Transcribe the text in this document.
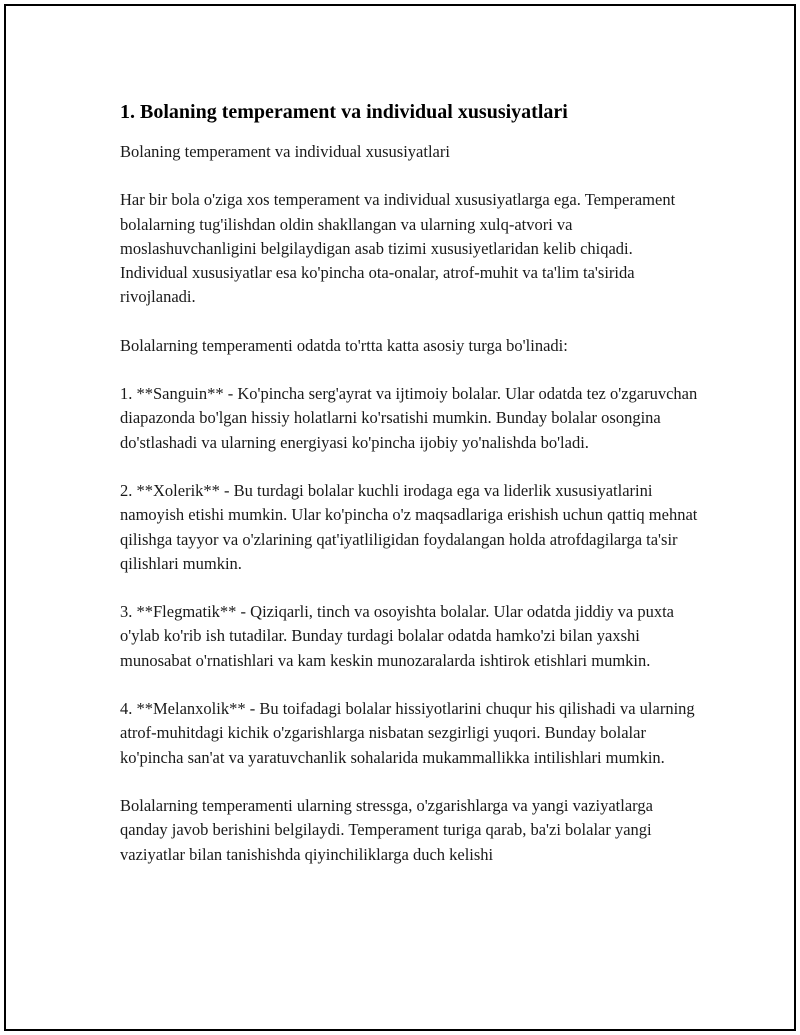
1. Bolaning temperament va individual xususiyatlari

Bolaning temperament va individual xususiyatlari

Har bir bola o'ziga xos temperament va individual xususiyatlarga ega. Temperament bolalarning tug'ilishdan oldin shakllangan va ularning xulq-atvori va moslashuvchanligini belgilaydigan asab tizimi xususiyetlaridan kelib chiqadi. Individual xususiyatlar esa ko'pincha ota-onalar, atrof-muhit va ta'lim ta'sirida rivojlanadi.

Bolalarning temperamenti odatda to'rtta katta asosiy turga bo'linadi:

1. **Sanguin** - Ko'pincha serg'ayrat va ijtimoiy bolalar. Ular odatda tez o'zgaruvchan diapazonda bo'lgan hissiy holatlarni ko'rsatishi mumkin. Bunday bolalar osongina do'stlashadi va ularning energiyasi ko'pincha ijobiy yo'nalishda bo'ladi.

2. **Xolerik** - Bu turdagi bolalar kuchli irodaga ega va liderlik xususiyatlarini namoyish etishi mumkin. Ular ko'pincha o'z maqsadlariga erishish uchun qattiq mehnat qilishga tayyor va o'zlarining qat'iyatliligidan foydalangan holda atrofdagilarga ta'sir qilishlari mumkin.

3. **Flegmatik** - Qiziqarli, tinch va osoyishta bolalar. Ular odatda jiddiy va puxta o'ylab ko'rib ish tutadilar. Bunday turdagi bolalar odatda hamko'zi bilan yaxshi munosabat o'rnatishlari va kam keskin munozaralarda ishtirok etishlari mumkin.

4. **Melanxolik** - Bu toifadagi bolalar hissiyotlarini chuqur his qilishadi va ularning atrof-muhitdagi kichik o'zgarishlarga nisbatan sezgirligi yuqori. Bunday bolalar ko'pincha san'at va yaratuvchanlik sohalarida mukammallikka intilishlari mumkin.

Bolalarning temperamenti ularning stressga, o'zgarishlarga va yangi vaziyatlarga qanday javob berishini belgilaydi. Temperament turiga qarab, ba'zi bolalar yangi vaziyatlar bilan tanishishda qiyinchiliklarga duch kelishi
